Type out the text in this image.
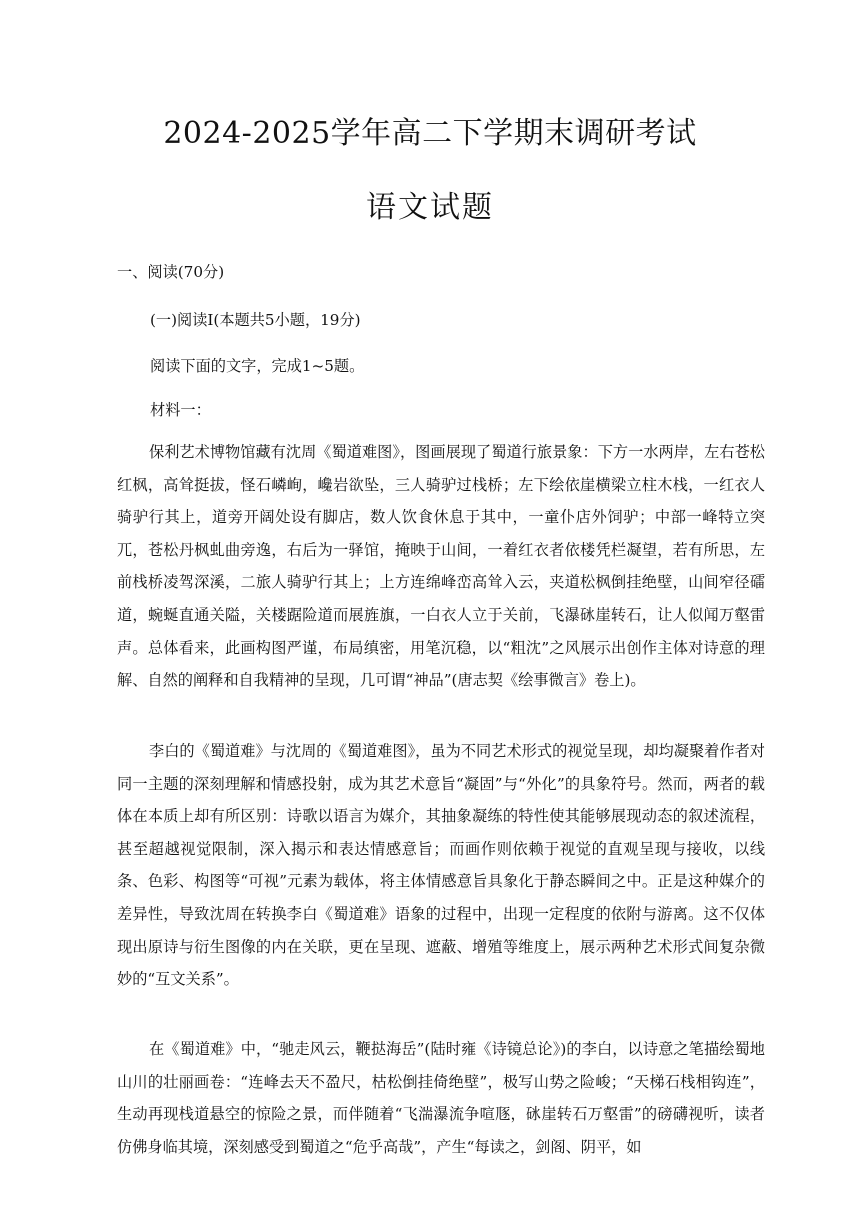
2024-2025学年高二下学期末调研考试
语文试题
一、阅读(70分)
(一)阅读Ⅰ(本题共5小题，19分)
阅读下面的文字，完成1~5题。
材料一：
保利艺术博物馆藏有沈周《蜀道难图》，图画展现了蜀道行旅景象：下方一水两岸，左右苍松红枫，高耸挺拔，怪石嶙峋，巉岩欲坠，三人骑驴过栈桥；左下绘依崖横梁立柱木栈，一红衣人骑驴行其上，道旁开阔处设有脚店，数人饮食休息于其中，一童仆店外饲驴；中部一峰特立突兀，苍松丹枫虬曲旁逸，右后为一驿馆，掩映于山间，一着红衣者依楼凭栏凝望，若有所思，左前栈桥凌驾深溪，二旅人骑驴行其上；上方连绵峰峦高耸入云，夹道松枫倒挂绝壁，山间窄径礌道，蜿蜒直通关隘，关楼踞险道而展旌旗，一白衣人立于关前，飞瀑砯崖转石，让人似闻万壑雷声。总体看来，此画构图严谨，布局缜密，用笔沉稳，以“粗沈”之风展示出创作主体对诗意的理解、自然的阐释和自我精神的呈现，几可谓“神品”(唐志契《绘事微言》卷上)。
李白的《蜀道难》与沈周的《蜀道难图》，虽为不同艺术形式的视觉呈现，却均凝聚着作者对同一主题的深刻理解和情感投射，成为其艺术意旨“凝固”与“外化”的具象符号。然而，两者的载体在本质上却有所区别：诗歌以语言为媒介，其抽象凝练的特性使其能够展现动态的叙述流程，甚至超越视觉限制，深入揭示和表达情感意旨；而画作则依赖于视觉的直观呈现与接收，以线条、色彩、构图等“可视”元素为载体，将主体情感意旨具象化于静态瞬间之中。正是这种媒介的差异性，导致沈周在转换李白《蜀道难》语象的过程中，出现一定程度的依附与游离。这不仅体现出原诗与衍生图像的内在关联，更在呈现、遮蔽、增殖等维度上，展示两种艺术形式间复杂微妙的“互文关系”。
在《蜀道难》中，“驰走风云，鞭挞海岳”(陆时雍《诗镜总论》)的李白，以诗意之笔描绘蜀地山川的壮丽画卷：“连峰去天不盈尺，枯松倒挂倚绝壁”，极写山势之险峻；“天梯石栈相钩连”，生动再现栈道悬空的惊险之景，而伴随着“飞湍瀑流争喧豗，砯崖转石万壑雷”的磅礴视听，读者仿佛身临其境，深刻感受到蜀道之“危乎高哉”，产生“每读之，剑阁、阴平，如
